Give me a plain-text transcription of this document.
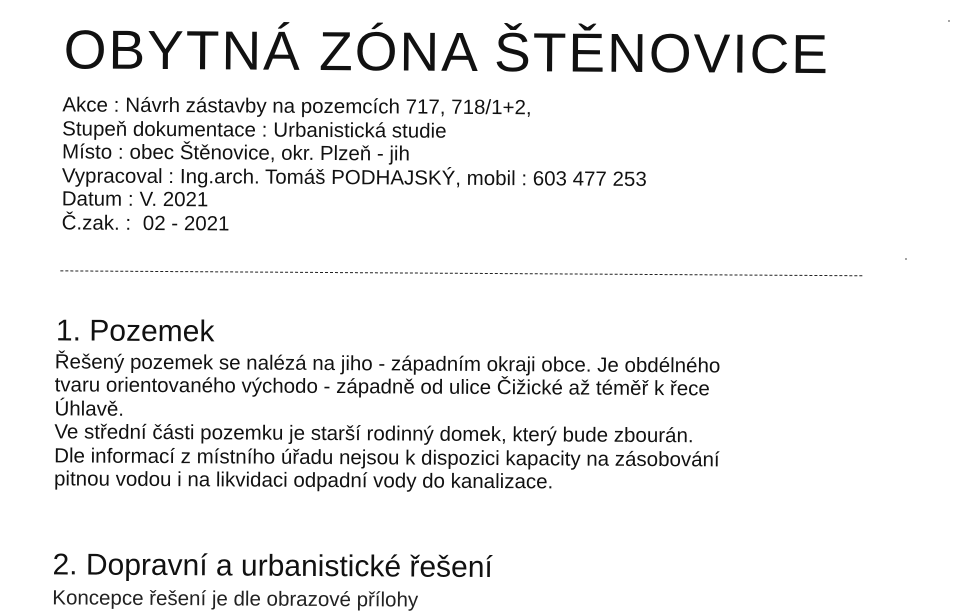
OBYTNÁ ZÓNA ŠTĚNOVICE
Akce : Návrh zástavby na pozemcích 717, 718/1+2,
Stupeň dokumentace : Urbanistická studie
Místo : obec Štěnovice, okr. Plzeň - jih
Vypracoval : Ing.arch. Tomáš PODHAJSKÝ, mobil : 603 477 253
Datum : V. 2021
Č.zak. : 02 - 2021
1. Pozemek
Řešený pozemek se nalézá na jiho - západním okraji obce. Je obdélného
tvaru orientovaného východo - západně od ulice Čižické až téměř k řece
Úhlavě.
Ve střední části pozemku je starší rodinný domek, který bude zbourán.
Dle informací z místního úřadu nejsou k dispozici kapacity na zásobování
pitnou vodou i na likvidaci odpadní vody do kanalizace.
2. Dopravní a urbanistické řešení
Koncepce řešení je dle obrazové přílohy
